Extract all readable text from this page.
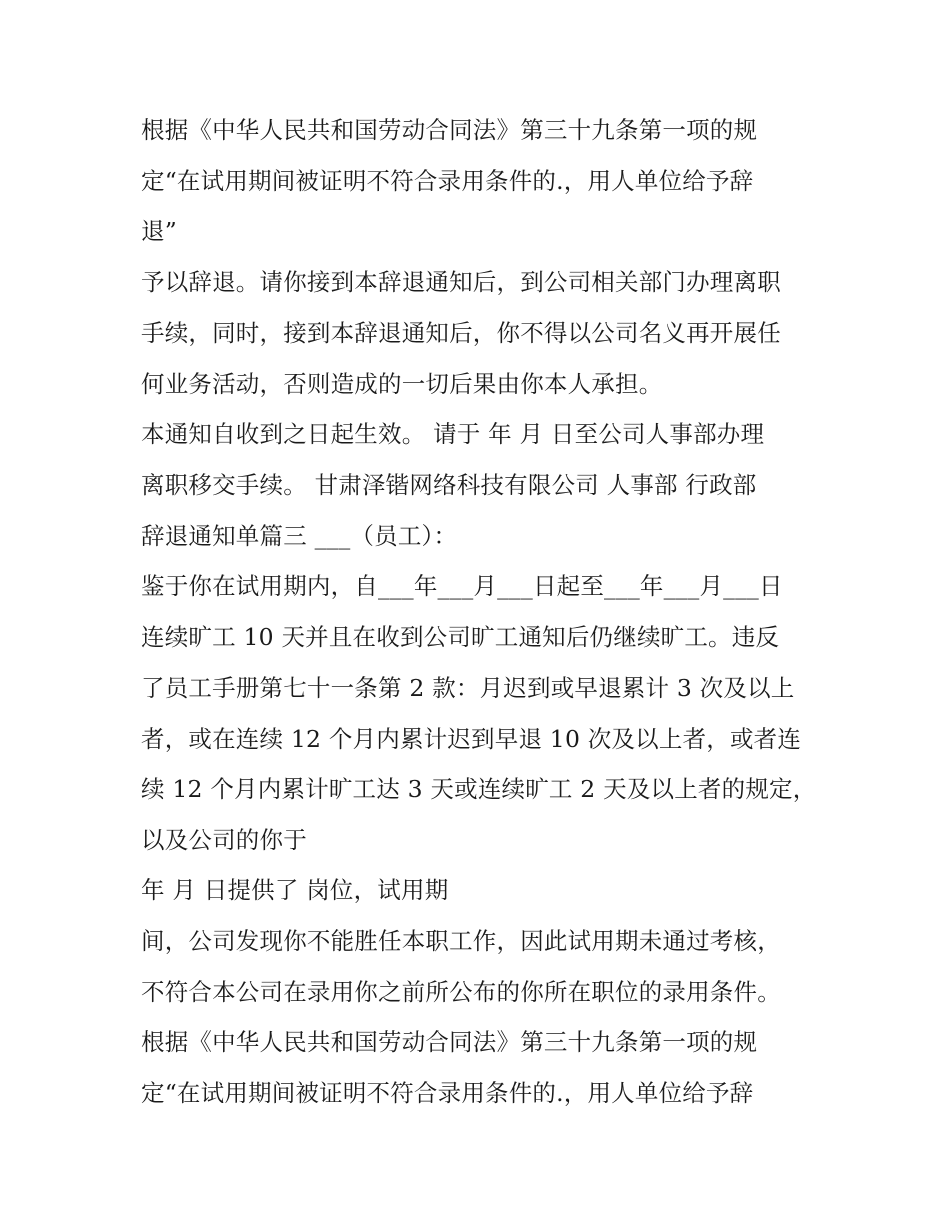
根据《中华人民共和国劳动合同法》第三十九条第一项的规
定“在试用期间被证明不符合录用条件的.，用人单位给予辞
退”
予以辞退。请你接到本辞退通知后，到公司相关部门办理离职
手续，同时，接到本辞退通知后，你不得以公司名义再开展任
何业务活动，否则造成的一切后果由你本人承担。
本通知自收到之日起生效。 请于 年 月 日至公司人事部办理
离职移交手续。 甘肃泽锴网络科技有限公司 人事部 行政部
辞退通知单篇三 ___（员工）：
鉴于你在试用期内，自___年___月___日起至___年___月___日
连续旷工 10 天并且在收到公司旷工通知后仍继续旷工。违反
了员工手册第七十一条第 2 款：月迟到或早退累计 3 次及以上
者，或在连续 12 个月内累计迟到早退 10 次及以上者，或者连
续 12 个月内累计旷工达 3 天或连续旷工 2 天及以上者的规定，
以及公司的你于
年 月 日提供了 岗位，试用期
间，公司发现你不能胜任本职工作，因此试用期未通过考核，
不符合本公司在录用你之前所公布的你所在职位的录用条件。
根据《中华人民共和国劳动合同法》第三十九条第一项的规
定“在试用期间被证明不符合录用条件的.，用人单位给予辞
